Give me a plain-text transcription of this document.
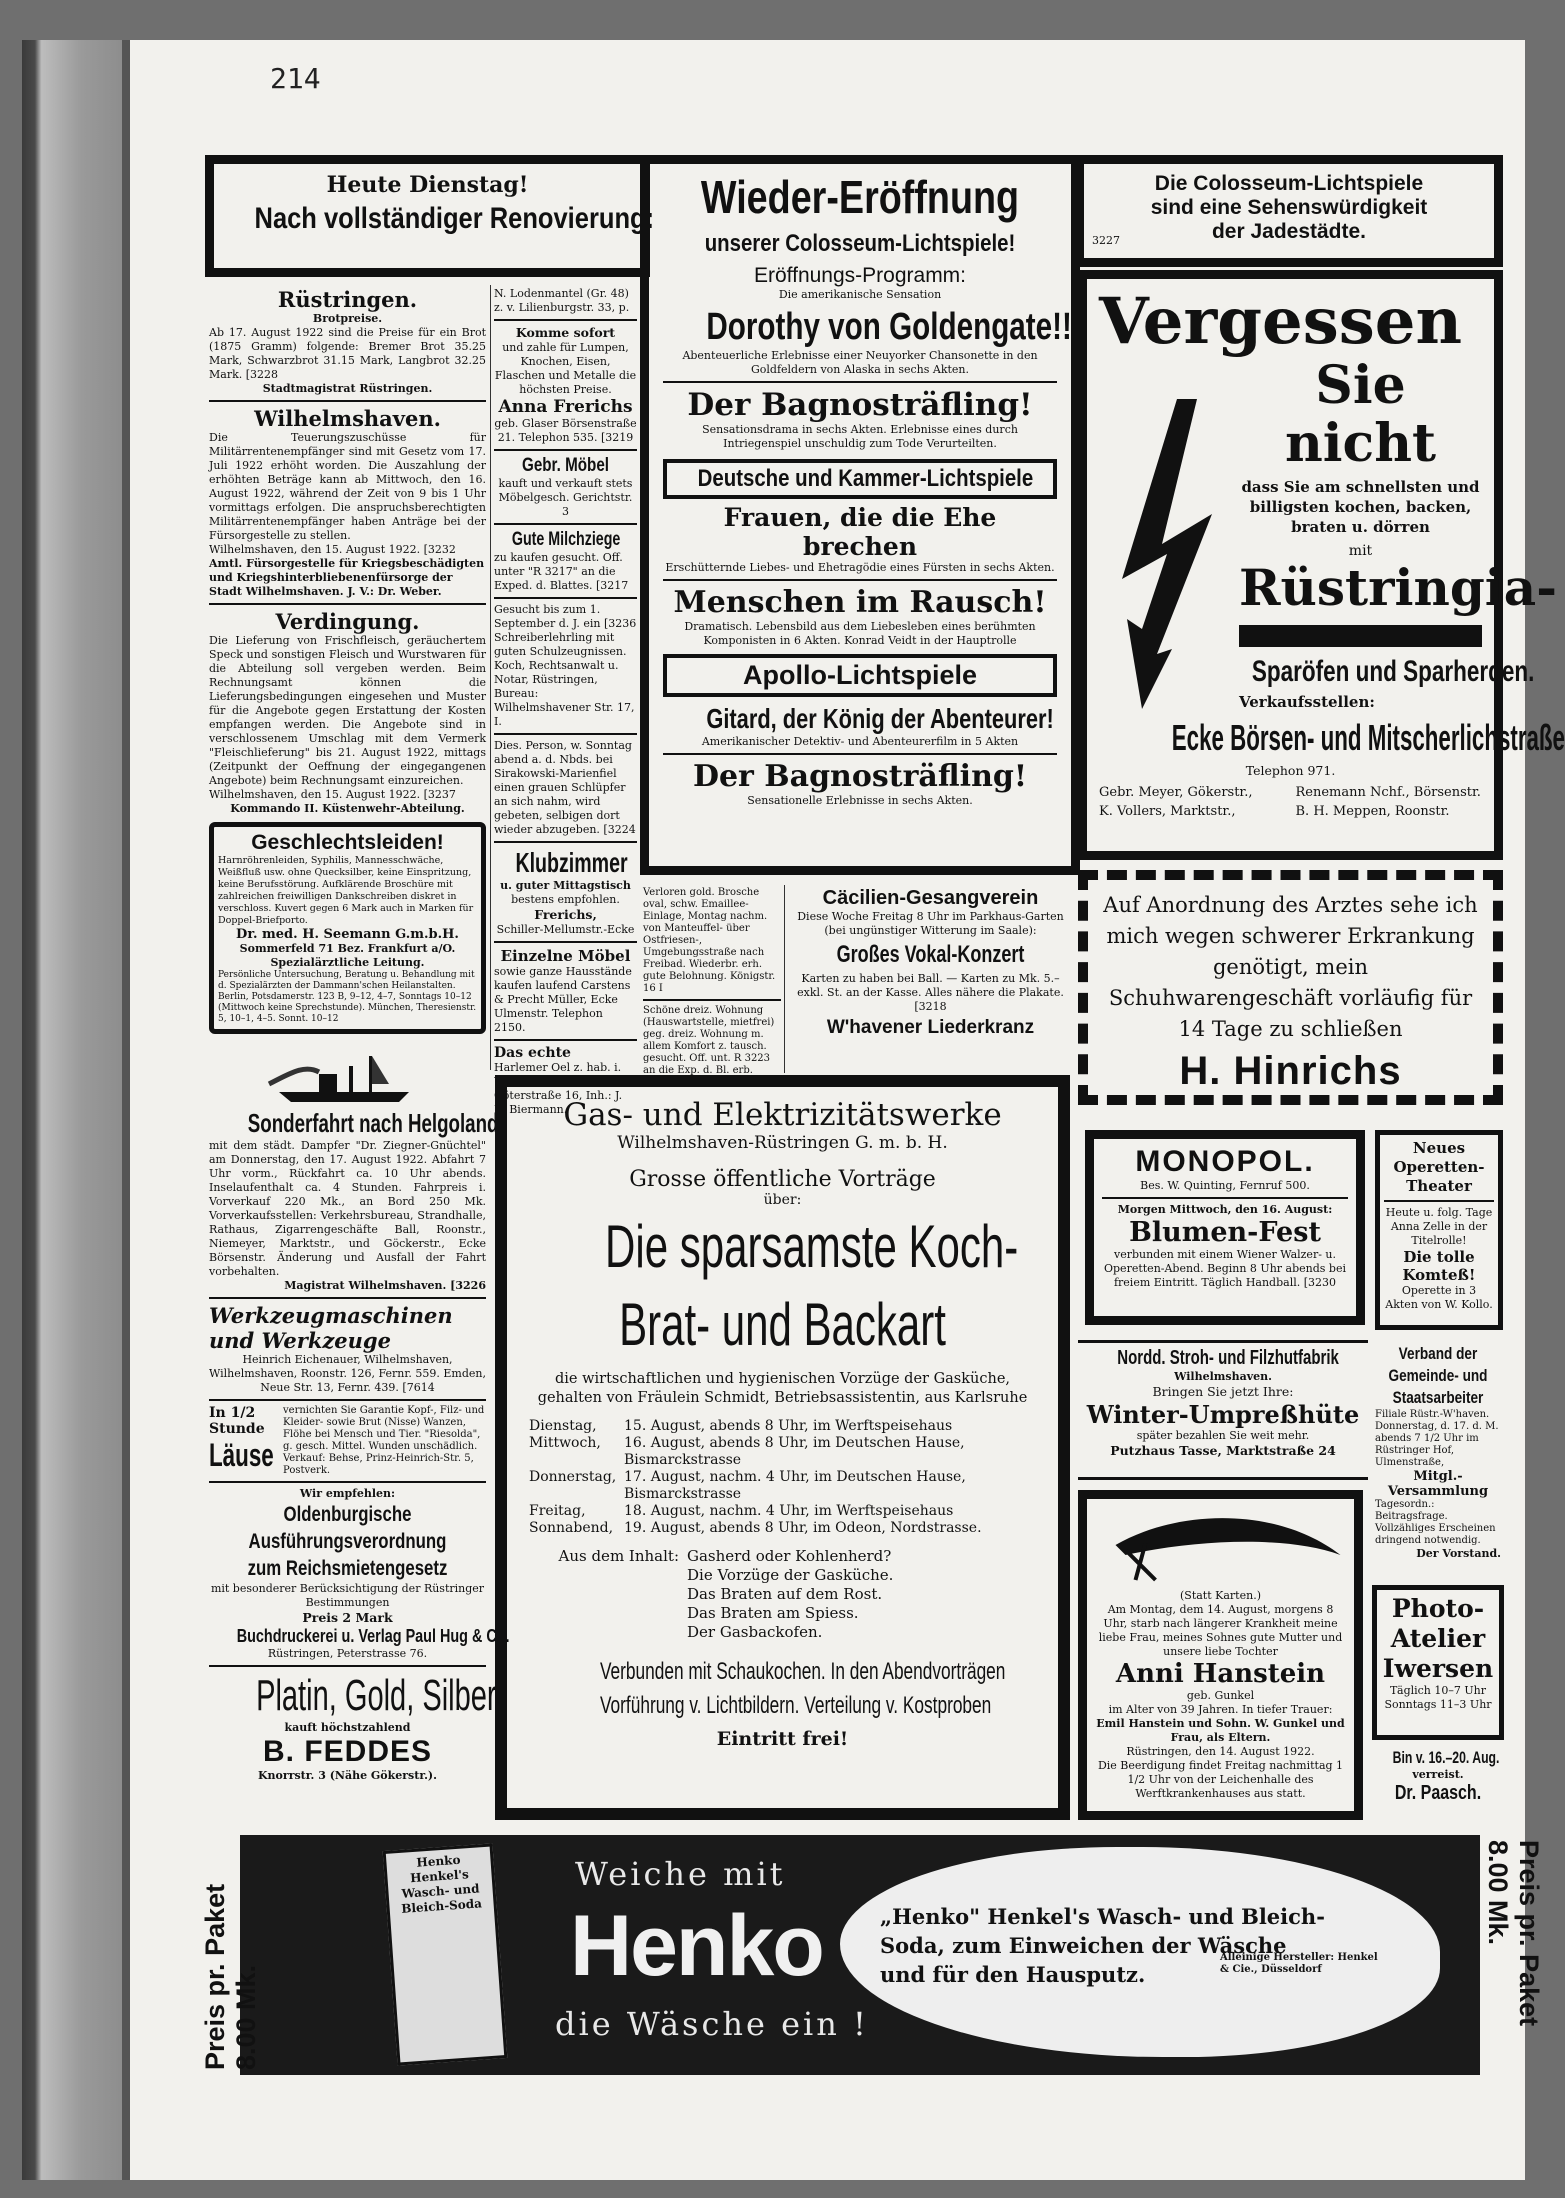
214

Heute Dienstag!

Nach vollständiger Renovierung: Wieder-Eröffnung

unserer Colosseum-Lichtspiele!

Eröffnungs-Programm:

Die amerikanische Sensation

Dorothy von Goldengate!!

Abenteuerliche Erlebnisse einer Neuyorker Chansonette in den Goldfeldern von Alaska in sechs Akten.

Der Bagnosträfling!

Sensationsdrama in sechs Akten. Erlebnisse eines durch Intriegenspiel unschuldig zum Tode Verurteilten.

Deutsche und Kammer-Lichtspiele

Frauen, die die Ehe brechen

Erschütternde Liebes- und Ehetragödie eines Fürsten in sechs Akten.

Menschen im Rausch!

Dramatisch. Lebensbild aus dem Liebesleben eines berühmten Komponisten in 6 Akten. Konrad Veidt in der Hauptrolle

Apollo-Lichtspiele

Gitard, der König der Abenteurer!

Amerikanischer Detektiv- und Abenteurerfilm in 5 Akten

Der Bagnosträfling!

Sensationelle Erlebnisse in sechs Akten.

Die Colosseum-Lichtspiele

sind eine Sehenswürdigkeit

der Jadestädte.

3227

Vergessen

Sie nicht

dass Sie am schnellsten und billigsten kochen, backen, braten u. dörren

mit

Rüstringia-

Sparöfen und Sparherden.

Verkaufsstellen:

Ecke Börsen- und Mitscherlichstraße

Telephon 971.

Gebr. Meyer, Gökerstr.,	Renemann Nchf., Börsenstr.
K. Vollers, Marktstr.,	B. H. Meppen, Roonstr.

Rüstringen.

Brotpreise.

Ab 17. August 1922 sind die Preise für ein Brot (1875 Gramm) folgende: Bremer Brot 35.25 Mark, Schwarzbrot 31.15 Mark, Langbrot 32.25 Mark. [3228

Stadtmagistrat Rüstringen.

Wilhelmshaven.

Die Teuerungszuschüsse für Militärrentenempfänger sind mit Gesetz vom 17. Juli 1922 erhöht worden. Die Auszahlung der erhöhten Beträge kann ab Mittwoch, den 16. August 1922, während der Zeit von 9 bis 1 Uhr vormittags erfolgen. Die anspruchsberechtigten Militärrentenempfänger haben Anträge bei der Fürsorgestelle zu stellen.

Wilhelmshaven, den 15. August 1922. [3232

Amtl. Fürsorgestelle für Kriegsbeschädigten und Kriegshinterbliebenenfürsorge der Stadt Wilhelmshaven. J. V.: Dr. Weber.

Verdingung.

Die Lieferung von Frischfleisch, geräuchertem Speck und sonstigen Fleisch und Wurstwaren für die Abteilung soll vergeben werden. Beim Rechnungsamt können die Lieferungsbedingungen eingesehen und Muster für die Angebote gegen Erstattung der Kosten empfangen werden. Die Angebote sind in verschlossenem Umschlag mit dem Vermerk "Fleischlieferung" bis 21. August 1922, mittags (Zeitpunkt der Oeffnung der eingegangenen Angebote) beim Rechnungsamt einzureichen.

Wilhelmshaven, den 15. August 1922. [3237

Kommando II. Küstenwehr-Abteilung.

Geschlechtsleiden!

Harnröhrenleiden, Syphilis, Mannesschwäche, Weißfluß usw. ohne Quecksilber, keine Einspritzung, keine Berufsstörung. Aufklärende Broschüre mit zahlreichen freiwilligen Dankschreiben diskret in verschloss. Kuvert gegen 6 Mark auch in Marken für Doppel-Briefporto.

Dr. med. H. Seemann G.m.b.H.

Sommerfeld 71 Bez. Frankfurt a/O.

Spezialärztliche Leitung.

Persönliche Untersuchung, Beratung u. Behandlung mit d. Spezialärzten der Dammann'schen Heilanstalten. Berlin, Potsdamerstr. 123 B, 9–12, 4–7, Sonntags 10–12 (Mittwoch keine Sprechstunde). München, Theresienstr. 5, 10–1, 4–5. Sonnt. 10–12

Sonderfahrt nach Helgoland

mit dem städt. Dampfer "Dr. Ziegner-Gnüchtel" am Donnerstag, den 17. August 1922. Abfahrt 7 Uhr vorm., Rückfahrt ca. 10 Uhr abends. Inselaufenthalt ca. 4 Stunden. Fahrpreis i. Vorverkauf 220 Mk., an Bord 250 Mk. Vorverkaufsstellen: Verkehrsbureau, Strandhalle, Rathaus, Zigarrengeschäfte Ball, Roonstr., Niemeyer, Marktstr., und Göckerstr., Ecke Börsenstr. Änderung und Ausfall der Fahrt vorbehalten.

Magistrat Wilhelmshaven. [3226

Werkzeugmaschinen

und Werkzeuge

Heinrich Eichenauer, Wilhelmshaven, Wilhelmshaven, Roonstr. 126, Fernr. 559. Emden, Neue Str. 13, Fernr. 439. [7614

In 1/2 Stunde

Läuse

vernichten Sie Garantie Kopf-, Filz- und Kleider- sowie Brut (Nisse) Wanzen, Flöhe bei Mensch und Tier. "Riesolda", g. gesch. Mittel. Wunden unschädlich. Verkauf: Behse, Prinz-Heinrich-Str. 5, Postverk.

Wir empfehlen:

Oldenburgische Ausführungsverordnung zum Reichsmietengesetz

mit besonderer Berücksichtigung der Rüstringer Bestimmungen

Preis 2 Mark

Buchdruckerei u. Verlag Paul Hug & Co.

Rüstringen, Peterstrasse 76.

Platin, Gold, Silber

kauft höchstzahlend

B. FEDDES

Knorrstr. 3 (Nähe Gökerstr.).

N. Lodenmantel (Gr. 48) z. v. Lilienburgstr. 33, p.

Komme sofort

und zahle für Lumpen, Knochen, Eisen, Flaschen und Metalle die höchsten Preise.

Anna Frerichs

geb. Glaser Börsenstraße 21. Telephon 535. [3219

Gebr. Möbel

kauft und verkauft stets Möbelgesch. Gerichtstr. 3

Gute Milchziege

zu kaufen gesucht. Off. unter "R 3217" an die Exped. d. Blattes. [3217

Gesucht bis zum 1. September d. J. ein [3236 Schreiberlehrling mit guten Schulzeugnissen. Koch, Rechtsanwalt u. Notar, Rüstringen, Bureau: Wilhelmshavener Str. 17, I.

Dies. Person, w. Sonntag abend a. d. Nbds. bei Sirakowski-Marienfiel einen grauen Schlüpfer an sich nahm, wird gebeten, selbigen dort wieder abzugeben. [3224

Klubzimmer

u. guter Mittagstisch

bestens empfohlen.

Frerichs,

Schiller-Mellumstr.-Ecke

Einzelne Möbel

sowie ganze Hausstände kaufen laufend Carstens & Precht Müller, Ecke Ulmenstr. Telephon 2150.

Das echte

Harlemer Oel z. hab. i. Wilhelmsh. Sanitätshaus Göterstraße 16, Inh.: J. K. Biermann.

Verloren gold. Brosche oval, schw. Emaillee-Einlage, Montag nachm. von Manteuffel- über Ostfriesen-, Umgebungsstraße nach Freibad. Wiederbr. erh. gute Belohnung. Königstr. 16 I

Schöne dreiz. Wohnung (Hauswartstelle, mietfrei) geg. dreiz. Wohnung m. allem Komfort z. tausch. gesucht. Off. unt. R 3223 an die Exp. d. Bl. erb.

Cäcilien-Gesangverein

Diese Woche Freitag 8 Uhr im Parkhaus-Garten (bei ungünstiger Witterung im Saale):

Großes Vokal-Konzert

Karten zu haben bei Ball. — Karten zu Mk. 5.– exkl. St. an der Kasse. Alles nähere die Plakate. [3218

W'havener Liederkranz

Auf Anordnung des Arztes sehe ich mich wegen schwerer Erkrankung genötigt, mein Schuhwarengeschäft vorläufig für 14 Tage zu schließen

H. Hinrichs

Gas- und Elektrizitätswerke

Wilhelmshaven-Rüstringen G. m. b. H.

Grosse öffentliche Vorträge

über:

Die sparsamste Koch-

Brat- und Backart

die wirtschaftlichen und hygienischen Vorzüge der Gasküche, gehalten von Fräulein Schmidt, Betriebsassistentin, aus Karlsruhe

Dienstag,	15. August, abends 8 Uhr, im Werftspeisehaus
Mittwoch,	16. August, abends 8 Uhr, im Deutschen Hause, Bismarckstrasse
Donnerstag, 17. August, nachm. 4 Uhr, im Deutschen Hause, Bismarckstrasse
Freitag,	18. August, nachm. 4 Uhr, im Werftspeisehaus
Sonnabend, 19. August, abends 8 Uhr, im Odeon, Nordstrasse.

Aus dem Inhalt: Gasherd oder Kohlenherd?

Die Vorzüge der Gasküche.

Das Braten auf dem Rost.

Das Braten am Spiess.

Der Gasbackofen.

Verbunden mit Schaukochen. In den Abendvorträgen

Vorführung v. Lichtbildern. Verteilung v. Kostproben

Eintritt frei!

MONOPOL.

Bes. W. Quinting, Fernruf 500.

Morgen Mittwoch, den 16. August:

Blumen-Fest

verbunden mit einem Wiener Walzer- u. Operetten-Abend. Beginn 8 Uhr abends bei freiem Eintritt. Täglich Handball. [3230

Neues Operetten-Theater

Heute u. folg. Tage Anna Zelle in der Titelrolle!

Die tolle Komteß!

Operette in 3 Akten von W. Kollo.

Nordd. Stroh- und Filzhutfabrik

Wilhelmshaven.

Bringen Sie jetzt Ihre:

Winter-Umpreßhüte

später bezahlen Sie weit mehr.

Putzhaus Tasse, Marktstraße 24

Verband der Gemeinde- und Staatsarbeiter

Filiale Rüstr.-W'haven. Donnerstag, d. 17. d. M. abends 7 1/2 Uhr im Rüstringer Hof, Ulmenstraße,

Mitgl.-Versammlung

Tagesordn.: Beitragsfrage. Vollzähliges Erscheinen dringend notwendig.

Der Vorstand.

(Statt Karten.)

Am Montag, dem 14. August, morgens 8 Uhr, starb nach längerer Krankheit meine liebe Frau, meines Sohnes gute Mutter und unsere liebe Tochter

Anni Hanstein

geb. Gunkel

im Alter von 39 Jahren. In tiefer Trauer:

Emil Hanstein und Sohn. W. Gunkel und Frau, als Eltern.

Rüstringen, den 14. August 1922.

Die Beerdigung findet Freitag nachmittag 1 1/2 Uhr von der Leichenhalle des Werftkrankenhauses aus statt.

Photo-

Atelier

Iwersen

Täglich 10–7 Uhr

Sonntags 11–3 Uhr

Bin v. 16.–20. Aug.

verreist.

Dr. Paasch.

Henko Henkel's Wasch- und Bleich-Soda

Weiche mit

Henko

die Wäsche ein !

„Henko" Henkel's Wasch- und Bleich-

Soda, zum Einweichen der Wäsche

und für den Hausputz.

Alleinige Hersteller: Henkel & Cie., Düsseldorf

Preis pr. Paket 8.00 Mk.	Preis pr. Paket 8.00 Mk.
